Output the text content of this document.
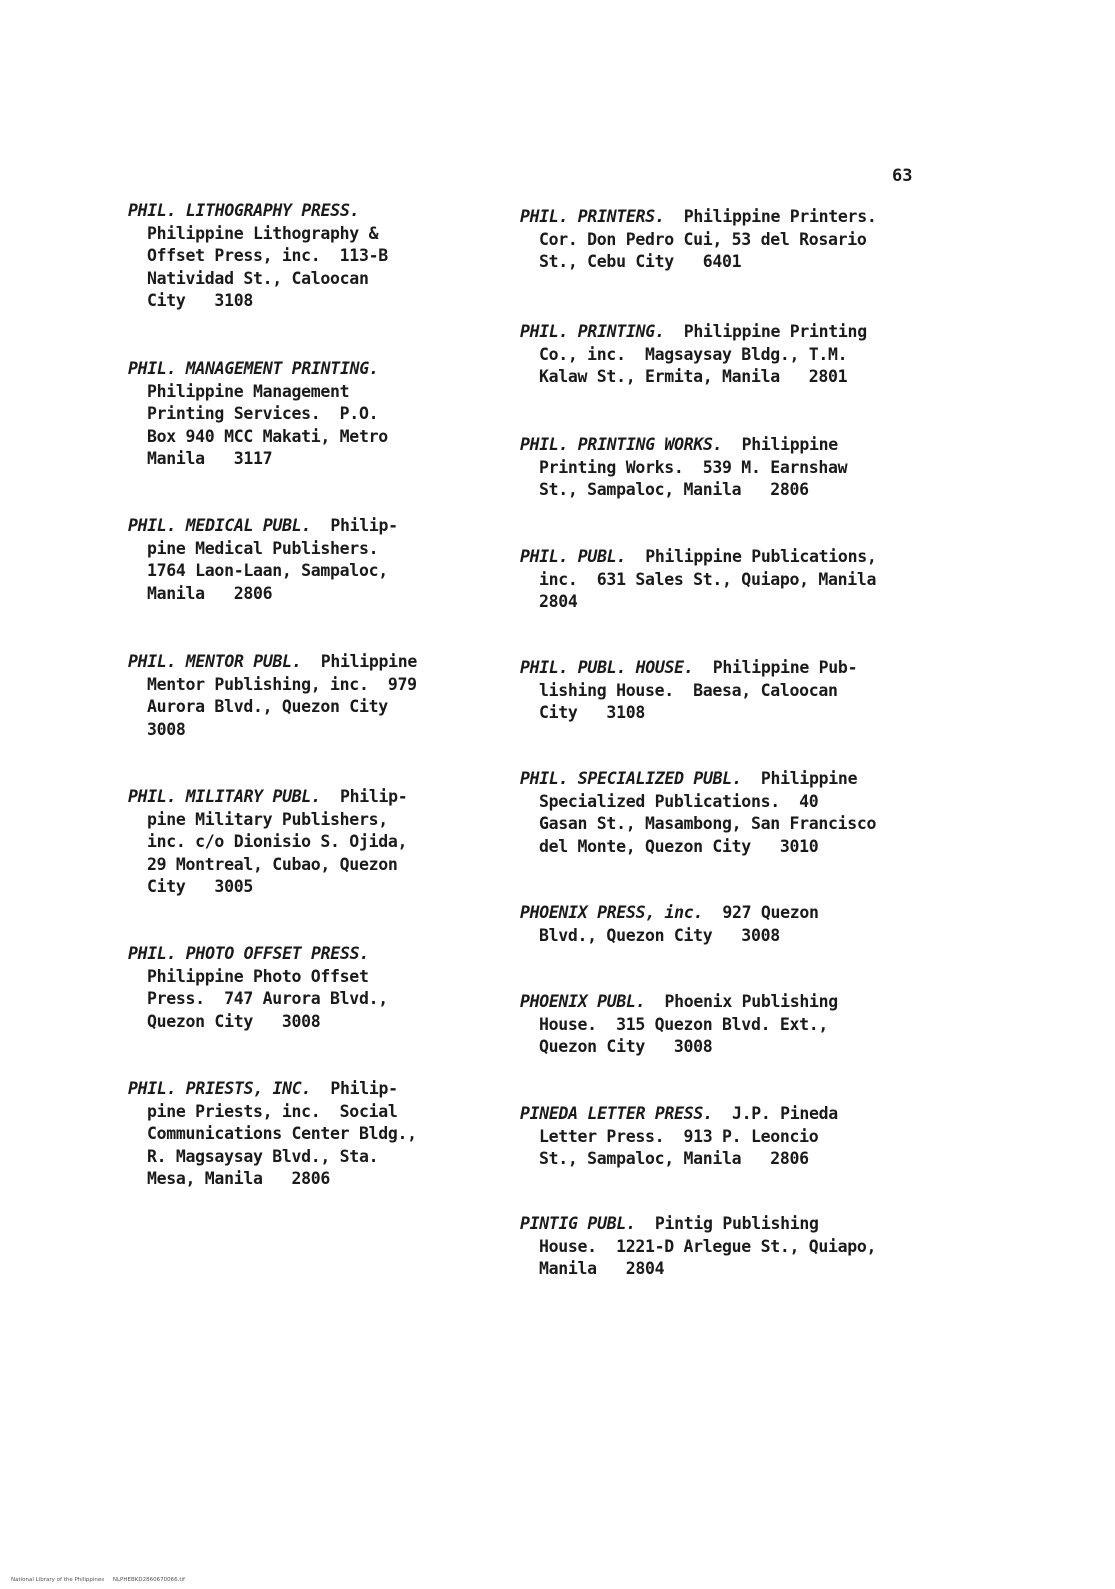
63
PHIL. LITHOGRAPHY PRESS.
Philippine Lithography &
Offset Press, inc.  113-B
Natividad St., Caloocan
City   3108
PHIL. MANAGEMENT PRINTING.
Philippine Management
Printing Services.  P.O.
Box 940 MCC Makati, Metro
Manila   3117
PHIL. MEDICAL PUBL.  Philip-
pine Medical Publishers.
1764 Laon-Laan, Sampaloc,
Manila   2806
PHIL. MENTOR PUBL.  Philippine
Mentor Publishing, inc.  979
Aurora Blvd., Quezon City
3008
PHIL. MILITARY PUBL.  Philip-
pine Military Publishers,
inc. c/o Dionisio S. Ojida,
29 Montreal, Cubao, Quezon
City   3005
PHIL. PHOTO OFFSET PRESS.
Philippine Photo Offset
Press.  747 Aurora Blvd.,
Quezon City   3008
PHIL. PRIESTS, INC.  Philip-
pine Priests, inc.  Social
Communications Center Bldg.,
R. Magsaysay Blvd., Sta.
Mesa, Manila   2806
PHIL. PRINTERS.  Philippine Printers.
Cor. Don Pedro Cui, 53 del Rosario
St., Cebu City   6401
PHIL. PRINTING.  Philippine Printing
Co., inc.  Magsaysay Bldg., T.M.
Kalaw St., Ermita, Manila   2801
PHIL. PRINTING WORKS.  Philippine
Printing Works.  539 M. Earnshaw
St., Sampaloc, Manila   2806
PHIL. PUBL.  Philippine Publications,
inc.  631 Sales St., Quiapo, Manila
2804
PHIL. PUBL. HOUSE.  Philippine Pub-
lishing House.  Baesa, Caloocan
City   3108
PHIL. SPECIALIZED PUBL.  Philippine
Specialized Publications.  40
Gasan St., Masambong, San Francisco
del Monte, Quezon City   3010
PHOENIX PRESS, inc.  927 Quezon
Blvd., Quezon City   3008
PHOENIX PUBL.  Phoenix Publishing
House.  315 Quezon Blvd. Ext.,
Quezon City   3008
PINEDA LETTER PRESS.  J.P. Pineda
Letter Press.  913 P. Leoncio
St., Sampaloc, Manila   2806
PINTIG PUBL.  Pintig Publishing
House.  1221-D Arlegue St., Quiapo,
Manila   2804

National Library of the Philippines NLPHEBKD2860670066.tif
